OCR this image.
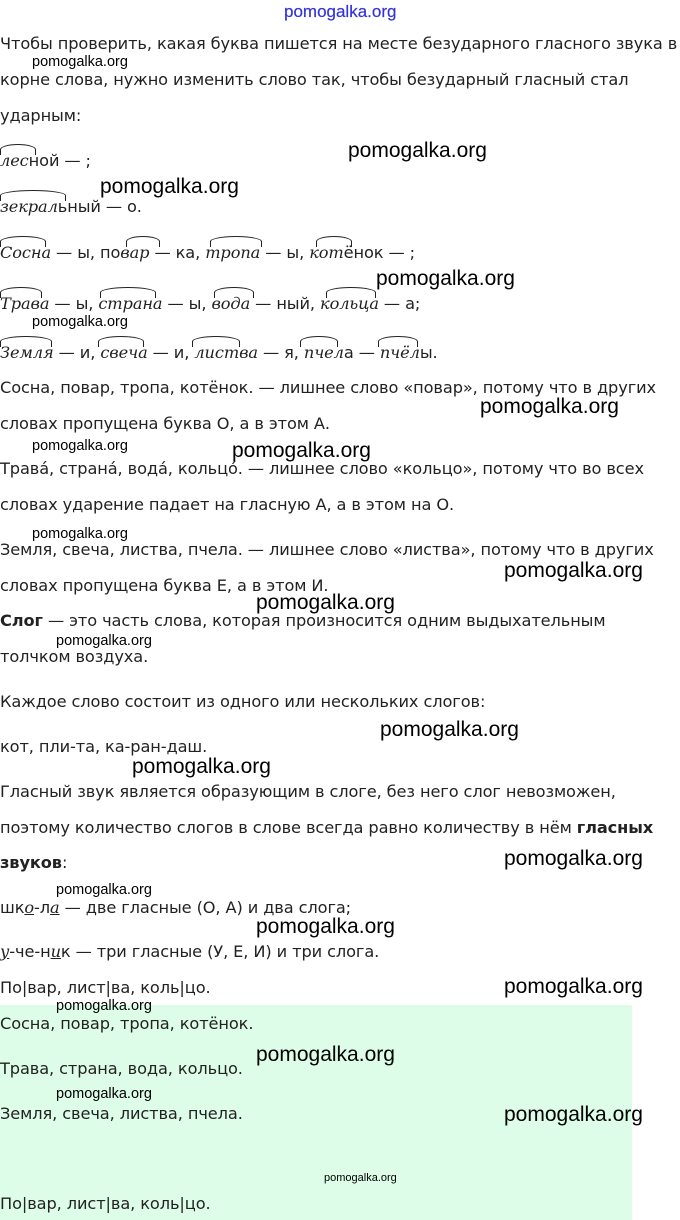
pomogalka.org
pomogalka.org
pomogalka.org
pomogalka.org
pomogalka.org
pomogalka.org
pomogalka.org
pomogalka.org	pomogalka.org
pomogalka.org
pomogalka.org
pomogalka.org
pomogalka.org
pomogalka.org
pomogalka.org
pomogalka.org
pomogalka.org
pomogalka.org
pomogalka.org
pomogalka.org
pomogalka.org
pomogalka.org
pomogalka.org
pomogalka.org
Чтобы проверить, какая буква пишется на месте безударного гласного звука в
корне слова, нужно изменить слово так, чтобы безударный гласный стал
ударным:
лесной — ;
зекральный — о.
Сосна — ы, повар — ка, тропа — ы, котёнок — ;
Трава — ы, страна — ы, вода — ный, кольца — а;
Земля — и, свеча — и, листва — я, пчела — пчёлы.
Сосна, повар, тропа, котёнок. — лишнее слово «повар», потому что в других
словах пропущена буква О, а в этом А.
Трава́, страна́, вода́, кольцо́. — лишнее слово «кольцо», потому что во всех
словах ударение падает на гласную А, а в этом на О.
Земля, свеча, листва, пчела. — лишнее слово «листва», потому что в других
словах пропущена буква Е, а в этом И.
Слог — это часть слова, которая произносится одним выдыхательным
толчком воздуха.
Каждое слово состоит из одного или нескольких слогов:
кот, пли-та, ка-ран-даш.
Гласный звук является образующим в слоге, без него слог невозможен,
поэтому количество слогов в слове всегда равно количеству в нём гласных
звуков:
шко-ла — две гласные (О, А) и два слога;
у-че-ник — три гласные (У, Е, И) и три слога.
По|вар, лист|ва, коль|цо.
Сосна, повар, тропа, котёнок.
Трава, страна, вода, кольцо.
Земля, свеча, листва, пчела.
По|вар, лист|ва, коль|цо.
